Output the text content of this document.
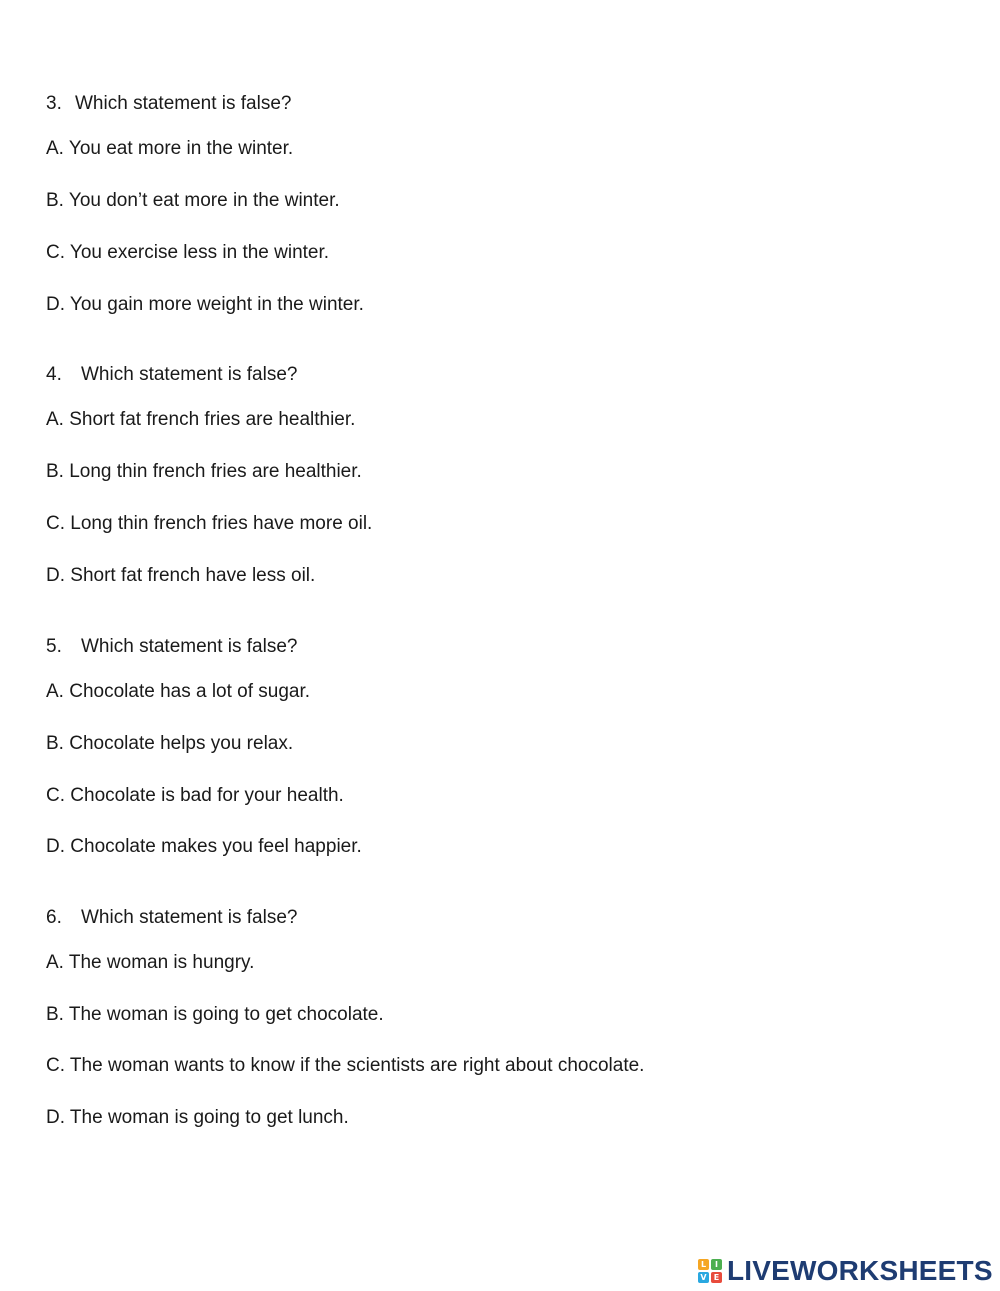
3. Which statement is false?
A. You eat more in the winter.
B. You don’t eat more in the winter.
C. You exercise less in the winter.
D. You gain more weight in the winter.
4. Which statement is false?
A. Short fat french fries are healthier.
B. Long thin french fries are healthier.
C. Long thin french fries have more oil.
D. Short fat french have less oil.
5. Which statement is false?
A. Chocolate has a lot of sugar.
B. Chocolate helps you relax.
C. Chocolate is bad for your health.
D. Chocolate makes you feel happier.
6. Which statement is false?
A. The woman is hungry.
B. The woman is going to get chocolate.
C. The woman wants to know if the scientists are right about chocolate.
D. The woman is going to get lunch.
L	I
V E LIVEWORKSHEETS
